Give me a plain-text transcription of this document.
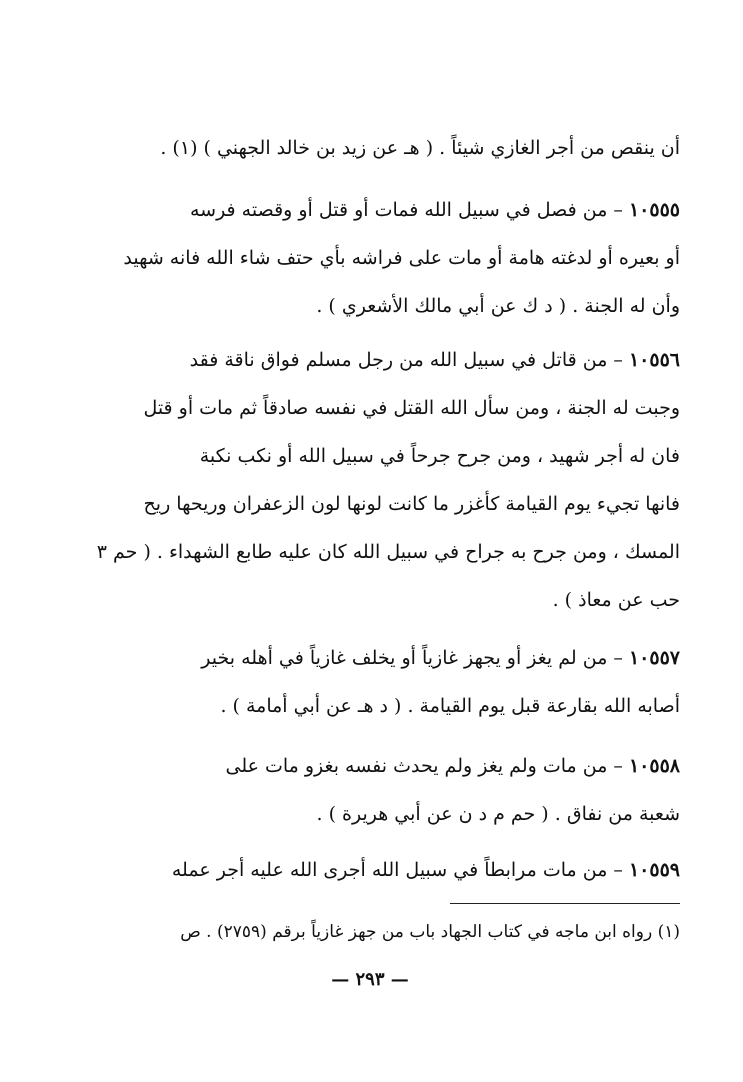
أن ينقص من أجر الغازي شيئاً . ( هـ عن زيد بن خالد الجهني ) (١) .
١٠٥٥٥ – من فصل في سبيل الله فمات أو قتل أو وقصته فرسه
أو بعيره أو لدغته هامة أو مات على فراشه بأي حتف شاء الله فانه شهيد
وأن له الجنة . ( د ك عن أبي مالك الأشعري ) .
١٠٥٥٦ – من قاتل في سبيل الله من رجل مسلم فواق ناقة فقد
وجبت له الجنة ، ومن سأل الله القتل في نفسه صادقاً ثم مات أو قتل
فان له أجر شهيد ، ومن جرح جرحاً في سبيل الله أو نكب نكبة
فانها تجيء يوم القيامة كأغزر ما كانت لونها لون الزعفران وريحها ريح
المسك ، ومن جرح به جراح في سبيل الله كان عليه طابع الشهداء . ( حم ٣
حب عن معاذ ) .
١٠٥٥٧ – من لم يغز أو يجهز غازياً أو يخلف غازياً في أهله بخير
أصابه الله بقارعة قبل يوم القيامة . ( د هـ عن أبي أمامة ) .
١٠٥٥٨ – من مات ولم يغز ولم يحدث نفسه بغزو مات على
شعبة من نفاق . ( حم م د ن عن أبي هريرة ) .
١٠٥٥٩ – من مات مرابطاً في سبيل الله أجرى الله عليه أجر عمله
(١) رواه ابن ماجه في كتاب الجهاد باب من جهز غازياً برقم (٢٧٥٩) . ص
— ٢٩٣ —
